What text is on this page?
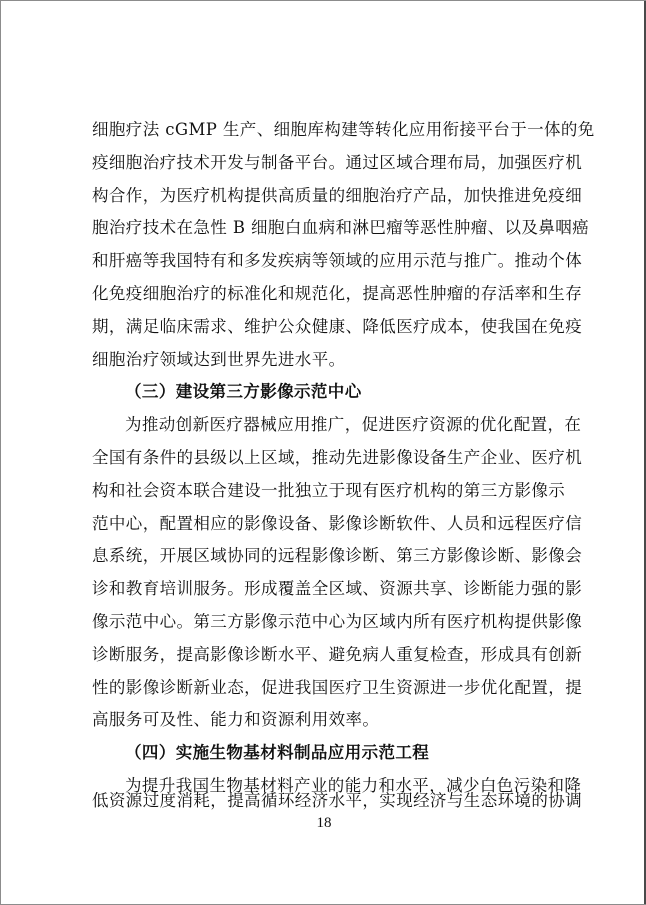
细胞疗法 cGMP 生产、细胞库构建等转化应用衔接平台于一体的免
疫细胞治疗技术开发与制备平台。通过区域合理布局，加强医疗机
构合作，为医疗机构提供高质量的细胞治疗产品，加快推进免疫细
胞治疗技术在急性 B 细胞白血病和淋巴瘤等恶性肿瘤、以及鼻咽癌
和肝癌等我国特有和多发疾病等领域的应用示范与推广。推动个体
化免疫细胞治疗的标准化和规范化，提高恶性肿瘤的存活率和生存
期，满足临床需求、维护公众健康、降低医疗成本，使我国在免疫
细胞治疗领域达到世界先进水平。
（三）建设第三方影像示范中心
为推动创新医疗器械应用推广，促进医疗资源的优化配置，在
全国有条件的县级以上区域，推动先进影像设备生产企业、医疗机
构和社会资本联合建设一批独立于现有医疗机构的第三方影像示
范中心，配置相应的影像设备、影像诊断软件、人员和远程医疗信
息系统，开展区域协同的远程影像诊断、第三方影像诊断、影像会
诊和教育培训服务。形成覆盖全区域、资源共享、诊断能力强的影
像示范中心。第三方影像示范中心为区域内所有医疗机构提供影像
诊断服务，提高影像诊断水平、避免病人重复检查，形成具有创新
性的影像诊断新业态，促进我国医疗卫生资源进一步优化配置，提
高服务可及性、能力和资源利用效率。
（四）实施生物基材料制品应用示范工程
为提升我国生物基材料产业的能力和水平，减少白色污染和降
低资源过度消耗，提高循环经济水平，实现经济与生态环境的协调
18
